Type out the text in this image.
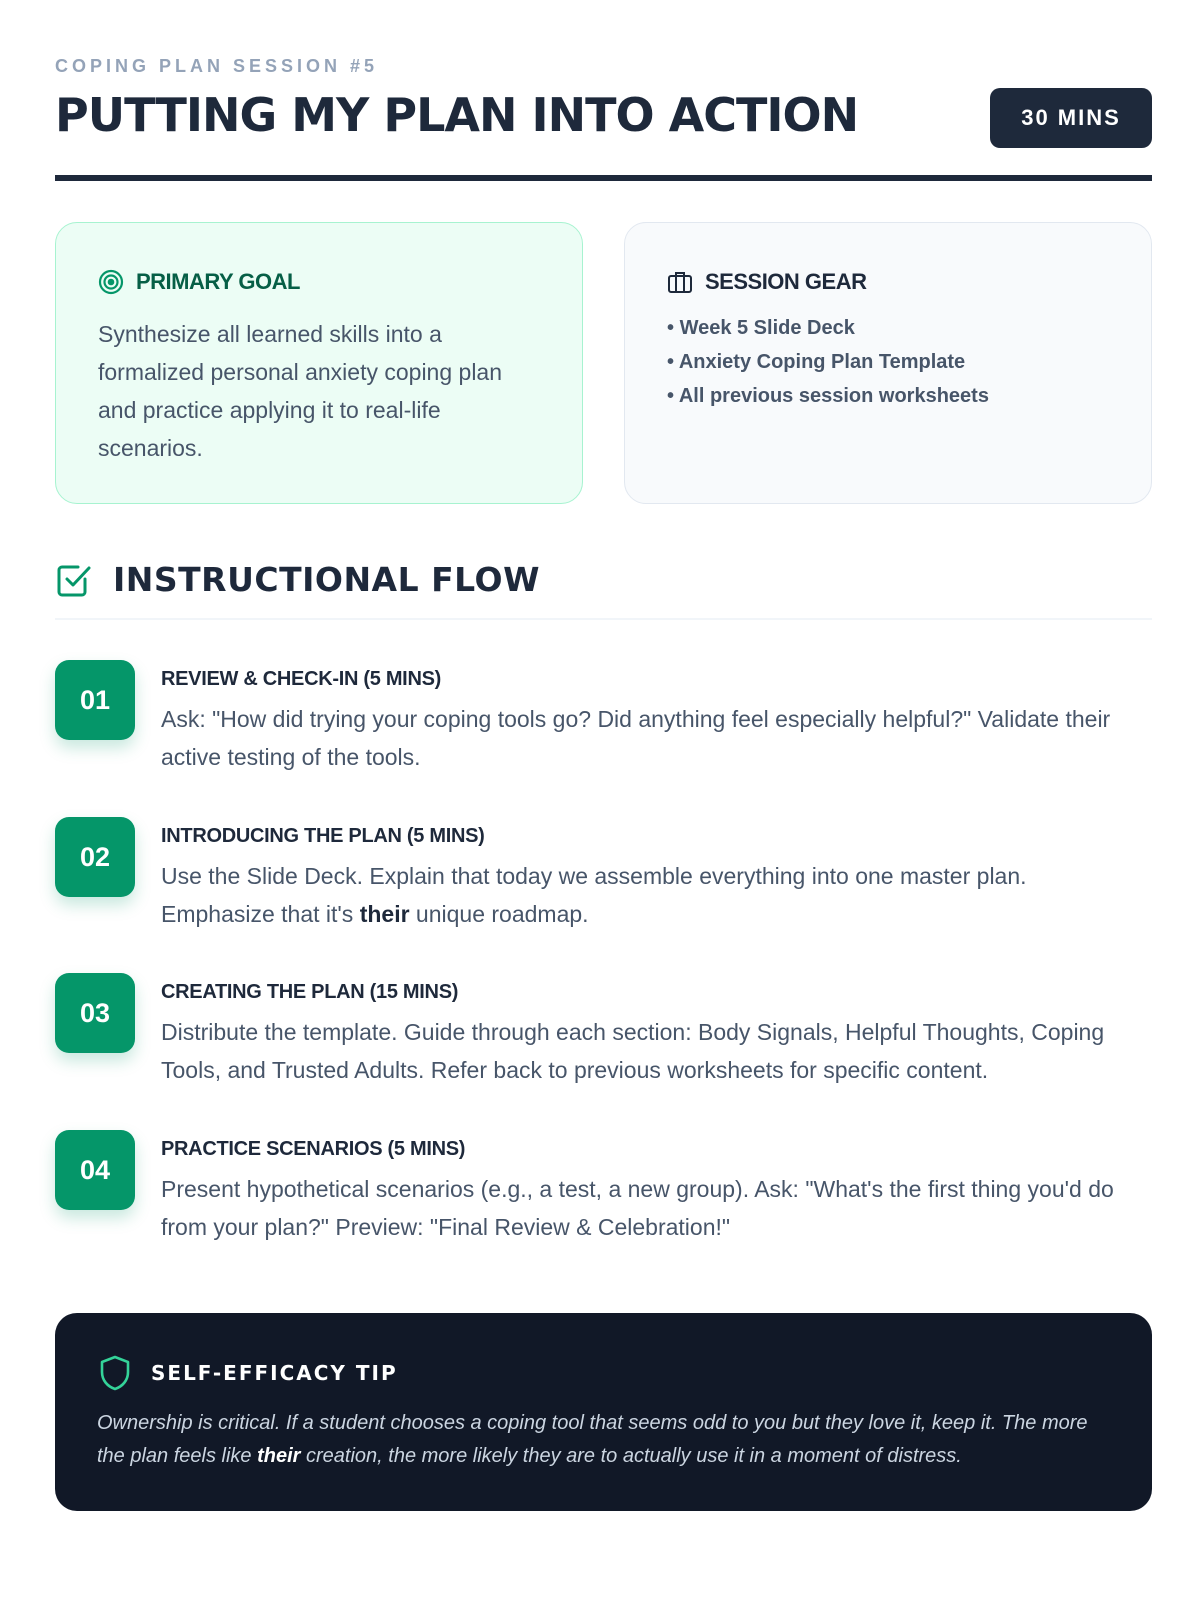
COPING PLAN SESSION #5
PUTTING MY PLAN INTO ACTION	30 MINS
PRIMARY GOAL

Synthesize all learned skills into a formalized personal anxiety coping plan and practice applying it to real-life scenarios.

SESSION GEAR
• Week 5 Slide Deck
• Anxiety Coping Plan Template
• All previous session worksheets
INSTRUCTIONAL FLOW
01
REVIEW & CHECK-IN (5 MINS)

Ask: "How did trying your coping tools go? Did anything feel especially helpful?" Validate their active testing of the tools.

02
INTRODUCING THE PLAN (5 MINS)

Use the Slide Deck. Explain that today we assemble everything into one master plan. Emphasize that it's their unique roadmap.

03
CREATING THE PLAN (15 MINS)

Distribute the template. Guide through each section: Body Signals, Helpful Thoughts, Coping Tools, and Trusted Adults. Refer back to previous worksheets for specific content.

04
PRACTICE SCENARIOS (5 MINS)

Present hypothetical scenarios (e.g., a test, a new group). Ask: "What's the first thing you'd do from your plan?" Preview: "Final Review & Celebration!"

SELF-EFFICACY TIP

Ownership is critical. If a student chooses a coping tool that seems odd to you but they love it, keep it. The more the plan feels like their creation, the more likely they are to actually use it in a moment of distress.
